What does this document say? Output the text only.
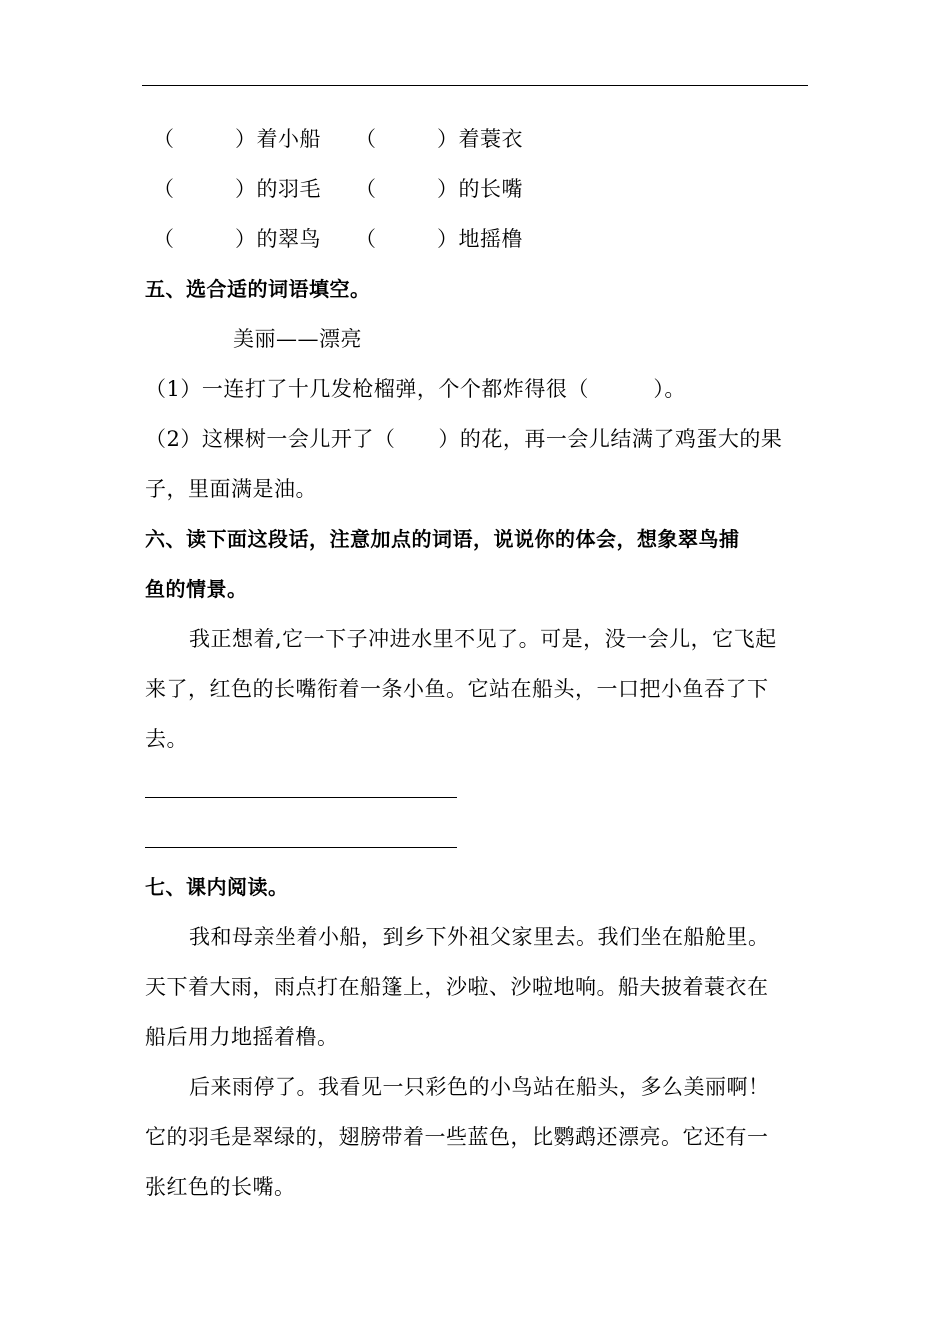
（	）着小船 （	）着蓑衣
（	）的羽毛 （	）的长嘴
（	）的翠鸟 （	）地摇橹
五、选合适的词语填空。
美丽——漂亮
（1）一连打了十几发枪榴弹，个个都炸得很（　　　）。
（2）这棵树一会儿开了（　　）的花，再一会儿结满了鸡蛋大的果
子，里面满是油。
六、读下面这段话，注意加点的词语，说说你的体会，想象翠鸟捕
鱼的情景。
我正想着,它一下子冲进水里不见了。可是，没一会儿，它飞起
来了，红色的长嘴衔着一条小鱼。它站在船头，一口把小鱼吞了下
去。
七、课内阅读。
我和母亲坐着小船，到乡下外祖父家里去。我们坐在船舱里。
天下着大雨，雨点打在船篷上，沙啦、沙啦地响。船夫披着蓑衣在
船后用力地摇着橹。
后来雨停了。我看见一只彩色的小鸟站在船头，多么美丽啊！
它的羽毛是翠绿的，翅膀带着一些蓝色，比鹦鹉还漂亮。它还有一
张红色的长嘴。
